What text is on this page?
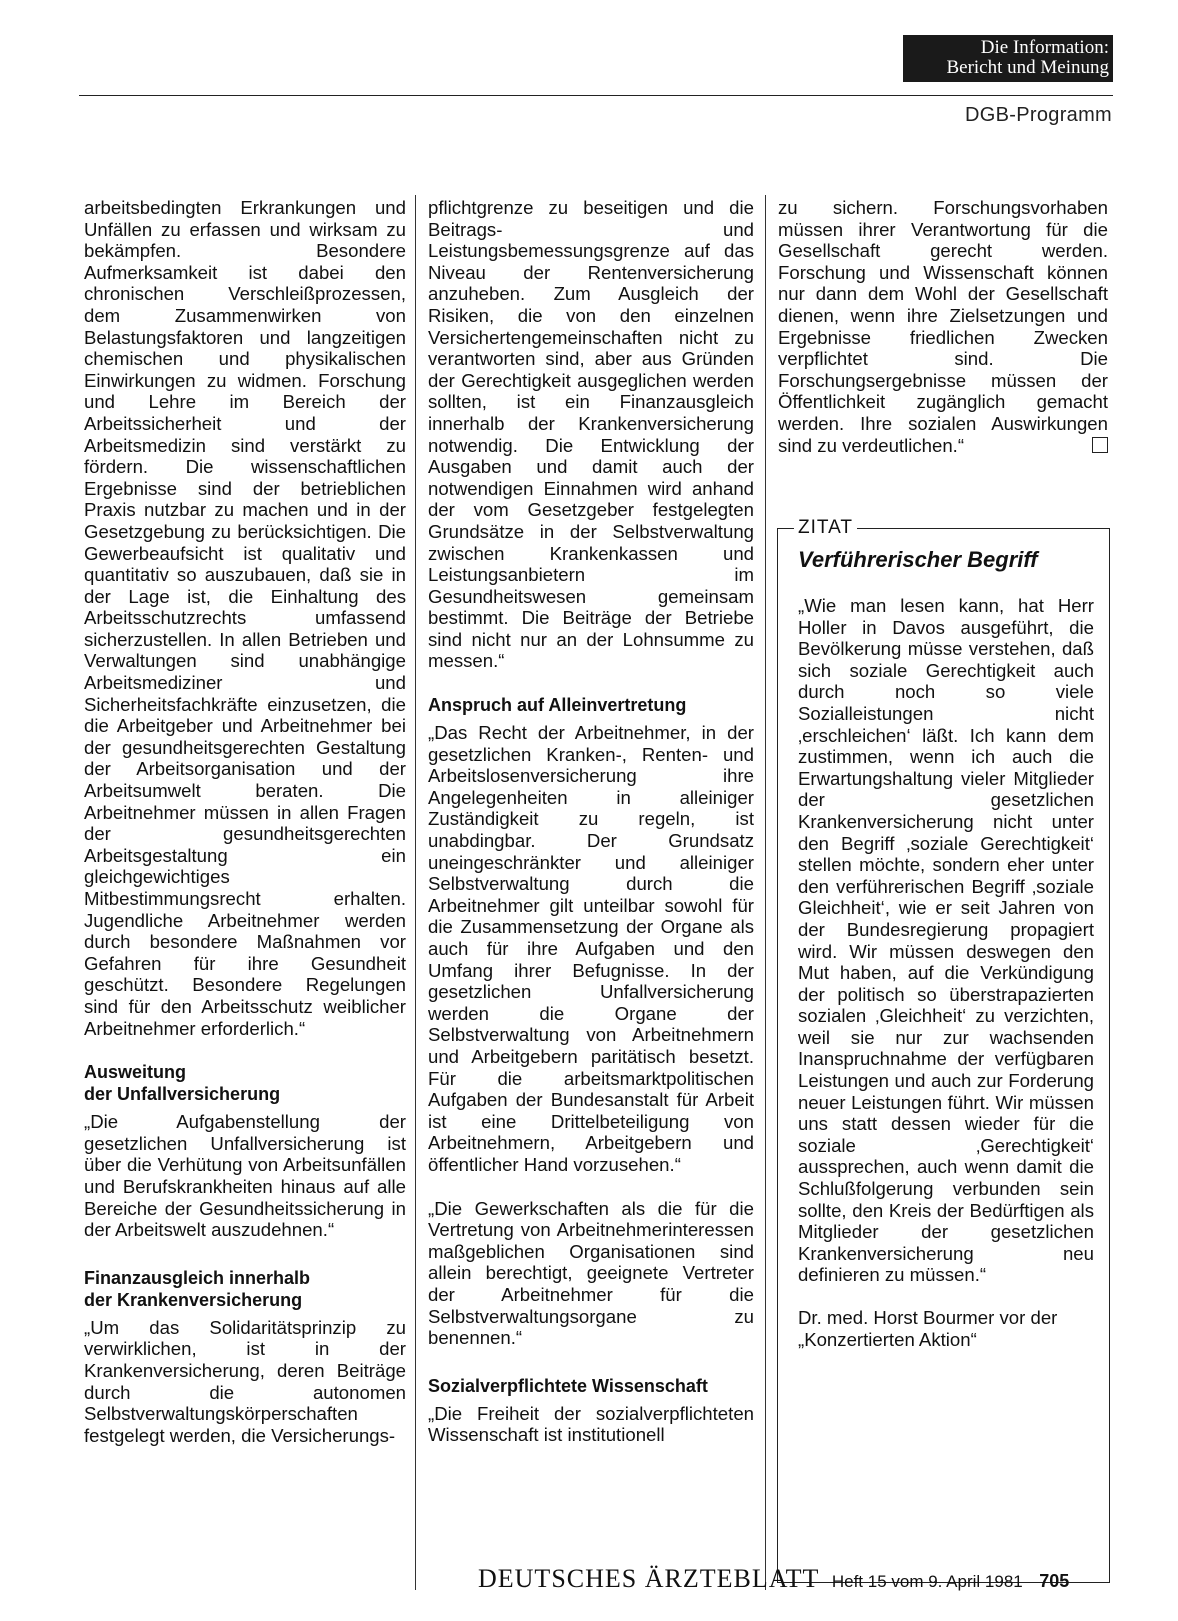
Die Information:
Bericht und Meinung
DGB-Programm

arbeitsbedingten Erkrankungen und Unfällen zu erfassen und wirksam zu bekämpfen. Besondere Aufmerksamkeit ist dabei den chronischen Verschleißprozessen, dem Zusammenwirken von Belastungsfaktoren und langzeitigen chemischen und physikalischen Einwirkungen zu widmen. Forschung und Lehre im Bereich der Arbeitssicherheit und der Arbeitsmedizin sind verstärkt zu fördern. Die wissenschaftlichen Ergebnisse sind der betrieblichen Praxis nutzbar zu machen und in der Gesetzgebung zu berücksichtigen. Die Gewerbeaufsicht ist qualitativ und quantitativ so auszubauen, daß sie in der Lage ist, die Einhaltung des Arbeitsschutzrechts umfassend sicherzustellen. In allen Betrieben und Verwaltungen sind unabhängige Arbeitsmediziner und Sicherheitsfachkräfte einzusetzen, die die Arbeitgeber und Arbeitnehmer bei der gesundheitsgerechten Gestaltung der Arbeitsorganisation und der Arbeitsumwelt beraten. Die Arbeitnehmer müssen in allen Fragen der gesundheitsgerechten Arbeitsgestaltung ein gleichgewichtiges Mitbestimmungsrecht erhalten. Jugendliche Arbeitnehmer werden durch besondere Maßnahmen vor Gefahren für ihre Gesundheit geschützt. Besondere Regelungen sind für den Arbeitsschutz weiblicher Arbeitnehmer erforderlich.“

Ausweitung
der Unfallversicherung

„Die Aufgabenstellung der gesetzlichen Unfallversicherung ist über die Verhütung von Arbeitsunfällen und Berufskrankheiten hinaus auf alle Bereiche der Gesundheitssicherung in der Arbeitswelt auszudehnen.“

Finanzausgleich innerhalb
der Krankenversicherung

„Um das Solidaritätsprinzip zu verwirklichen, ist in der Krankenversicherung, deren Beiträge durch die autonomen Selbstverwaltungskörperschaften festgelegt werden, die Versicherungs-

pflichtgrenze zu beseitigen und die Beitrags- und Leistungsbemessungsgrenze auf das Niveau der Rentenversicherung anzuheben. Zum Ausgleich der Risiken, die von den einzelnen Versichertengemeinschaften nicht zu verantworten sind, aber aus Gründen der Gerechtigkeit ausgeglichen werden sollten, ist ein Finanzausgleich innerhalb der Krankenversicherung notwendig. Die Entwicklung der Ausgaben und damit auch der notwendigen Einnahmen wird anhand der vom Gesetzgeber festgelegten Grundsätze in der Selbstverwaltung zwischen Krankenkassen und Leistungsanbietern im Gesundheitswesen gemeinsam bestimmt. Die Beiträge der Betriebe sind nicht nur an der Lohnsumme zu messen.“

Anspruch auf Alleinvertretung

„Das Recht der Arbeitnehmer, in der gesetzlichen Kranken-, Renten- und Arbeitslosenversicherung ihre Angelegenheiten in alleiniger Zuständigkeit zu regeln, ist unabdingbar. Der Grundsatz uneingeschränkter und alleiniger Selbstverwaltung durch die Arbeitnehmer gilt unteilbar sowohl für die Zusammensetzung der Organe als auch für ihre Aufgaben und den Umfang ihrer Befugnisse. In der gesetzlichen Unfallversicherung werden die Organe der Selbstverwaltung von Arbeitnehmern und Arbeitgebern paritätisch besetzt. Für die arbeitsmarktpolitischen Aufgaben der Bundesanstalt für Arbeit ist eine Drittelbeteiligung von Arbeitnehmern, Arbeitgebern und öffentlicher Hand vorzusehen.“

„Die Gewerkschaften als die für die Vertretung von Arbeitnehmerinteressen maßgeblichen Organisationen sind allein berechtigt, geeignete Vertreter der Arbeitnehmer für die Selbstverwaltungsorgane zu benennen.“

Sozialverpflichtete Wissenschaft

„Die Freiheit der sozialverpflichteten Wissenschaft ist institutionell

zu sichern. Forschungsvorhaben müssen ihrer Verantwortung für die Gesellschaft gerecht werden. Forschung und Wissenschaft können nur dann dem Wohl der Gesellschaft dienen, wenn ihre Zielsetzungen und Ergebnisse friedlichen Zwecken verpflichtet sind. Die Forschungsergebnisse müssen der Öffentlichkeit zugänglich gemacht werden. Ihre sozialen Auswirkungen sind zu verdeutlichen.“

ZITAT
Verführerischer Begriff

„Wie man lesen kann, hat Herr Holler in Davos ausgeführt, die Bevölkerung müsse verstehen, daß sich soziale Gerechtigkeit auch durch noch so viele Sozialleistungen nicht ‚erschleichen‘ läßt. Ich kann dem zustimmen, wenn ich auch die Erwartungshaltung vieler Mitglieder der gesetzlichen Krankenversicherung nicht unter den Begriff ‚soziale Gerechtigkeit‘ stellen möchte, sondern eher unter den verführerischen Begriff ‚soziale Gleichheit‘, wie er seit Jahren von der Bundesregierung propagiert wird. Wir müssen deswegen den Mut haben, auf die Verkündigung der politisch so überstrapazierten sozialen ‚Gleichheit‘ zu verzichten, weil sie nur zur wachsenden Inanspruchnahme der verfügbaren Leistungen und auch zur Forderung neuer Leistungen führt. Wir müssen uns statt dessen wieder für die soziale ‚Gerechtigkeit‘ aussprechen, auch wenn damit die Schlußfolgerung verbunden sein sollte, den Kreis der Bedürftigen als Mitglieder der gesetzlichen Krankenversicherung neu definieren zu müssen.“

Dr. med. Horst Bourmer vor der „Konzertierten Aktion“

DEUTSCHES ÄRZTEBLATT Heft 15 vom 9. April 1981 705
